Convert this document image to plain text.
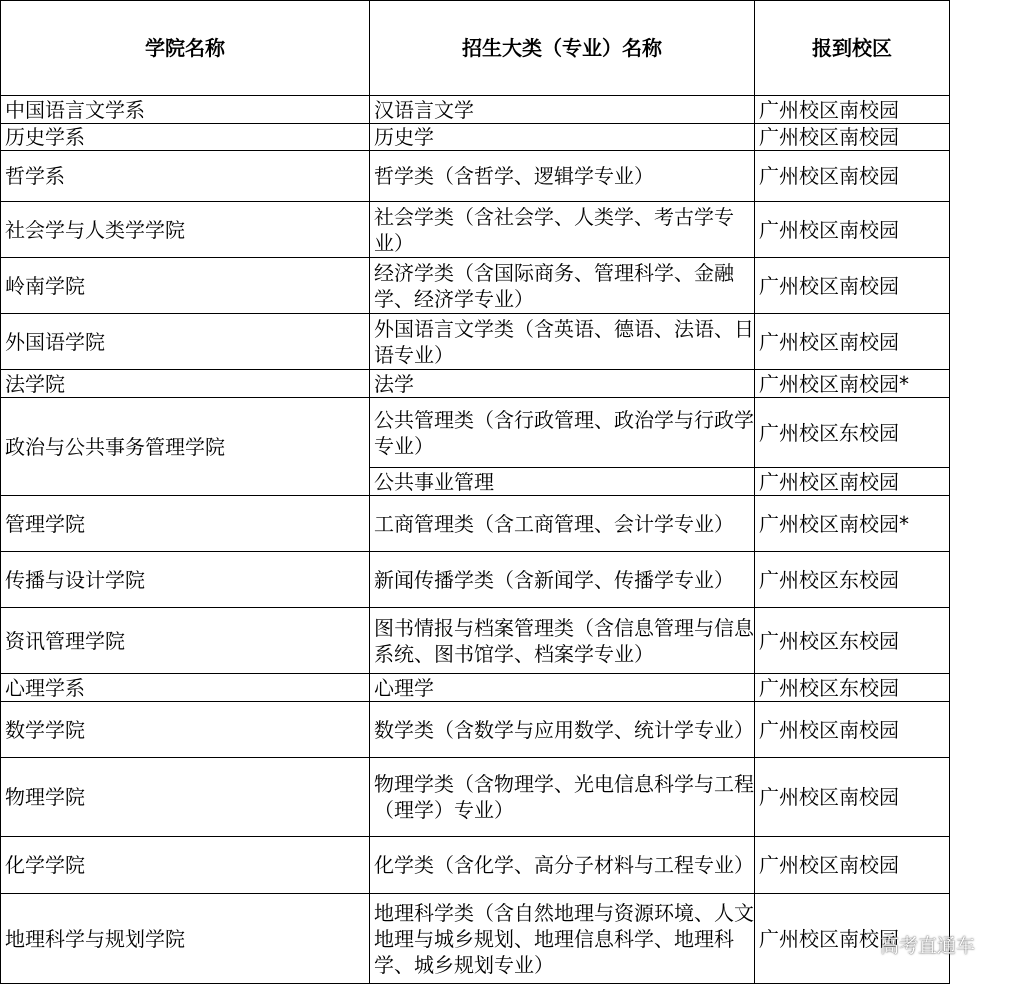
学院名称	招生大类（专业）名称	报到校区
中国语言文学系	汉语言文学	广州校区南校园
历史学系	历史学	广州校区南校园
哲学系	哲学类（含哲学、逻辑学专业）	广州校区南校园
社会学与人类学学院	社会学类（含社会学、人类学、考古学专业）	广州校区南校园
岭南学院	经济学类（含国际商务、管理科学、金融学、经济学专业）	广州校区南校园
外国语学院	外国语言文学类（含英语、德语、法语、日语专业）	广州校区南校园
法学院	法学	广州校区南校园*
政治与公共事务管理学院	公共管理类（含行政管理、政治学与行政学专业）	广州校区东校园
	公共事业管理	广州校区南校园
管理学院	工商管理类（含工商管理、会计学专业）	广州校区南校园*
传播与设计学院	新闻传播学类（含新闻学、传播学专业）	广州校区东校园
资讯管理学院	图书情报与档案管理类（含信息管理与信息系统、图书馆学、档案学专业）	广州校区东校园
心理学系	心理学	广州校区东校园
数学学院	数学类（含数学与应用数学、统计学专业）	广州校区南校园
物理学院	物理学类（含物理学、光电信息科学与工程（理学）专业）	广州校区南校园
化学学院	化学类（含化学、高分子材料与工程专业）	广州校区南校园
地理科学与规划学院	地理科学类（含自然地理与资源环境、人文地理与城乡规划、地理信息科学、地理科学、城乡规划专业）	广州校区南校园
高考直通车
